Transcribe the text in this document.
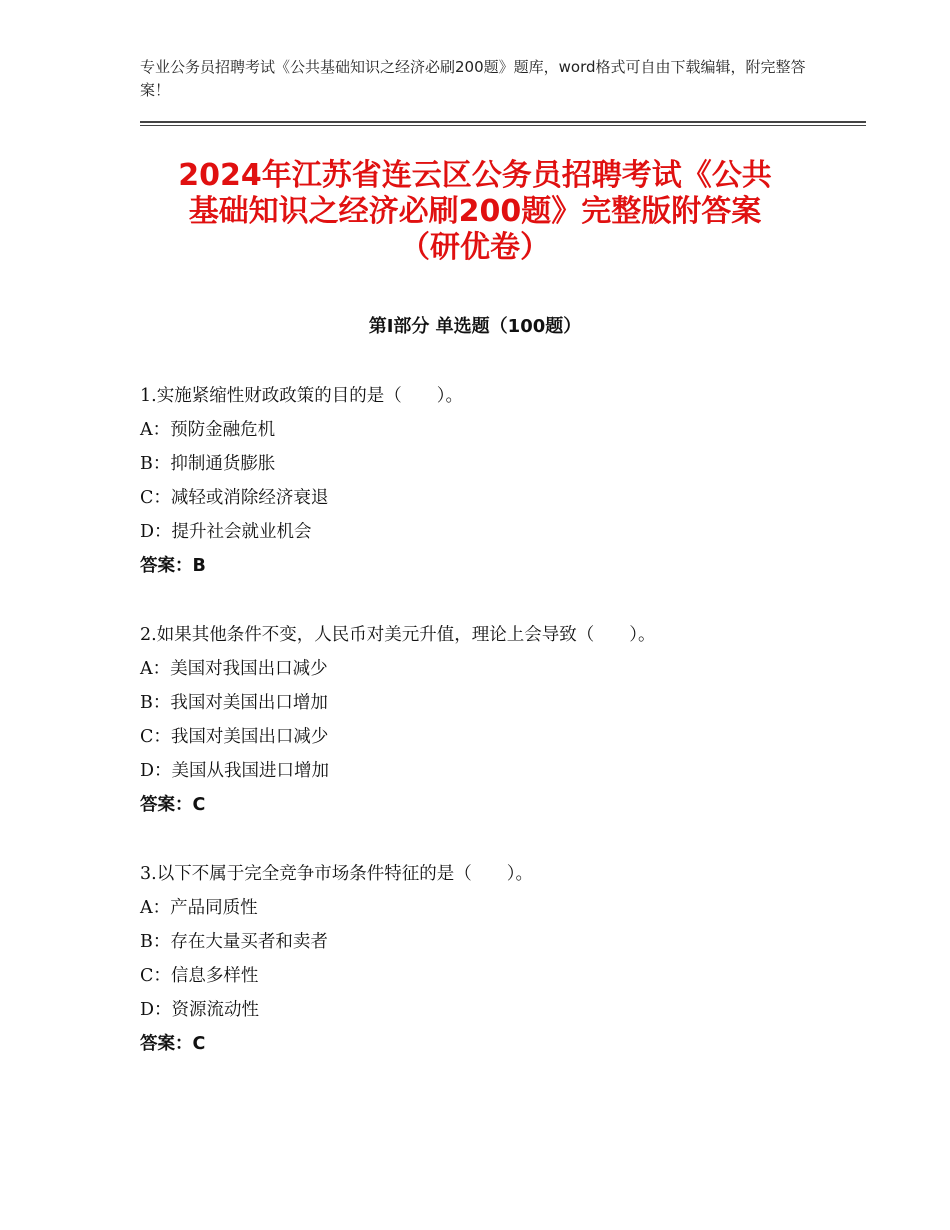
专业公务员招聘考试《公共基础知识之经济必刷200题》题库，word格式可自由下载编辑，附完整答案！
2024年江苏省连云区公务员招聘考试《公共
基础知识之经济必刷200题》完整版附答案
（研优卷）
第Ⅰ部分 单选题（100题）
1.实施紧缩性财政政策的目的是（　　）。
A：预防金融危机
B：抑制通货膨胀
C：减轻或消除经济衰退
D：提升社会就业机会
答案：B
2.如果其他条件不变，人民币对美元升值，理论上会导致（　　）。
A：美国对我国出口减少
B：我国对美国出口增加
C：我国对美国出口减少
D：美国从我国进口增加
答案：C
3.以下不属于完全竞争市场条件特征的是（　　）。
A：产品同质性
B：存在大量买者和卖者
C：信息多样性
D：资源流动性
答案：C
